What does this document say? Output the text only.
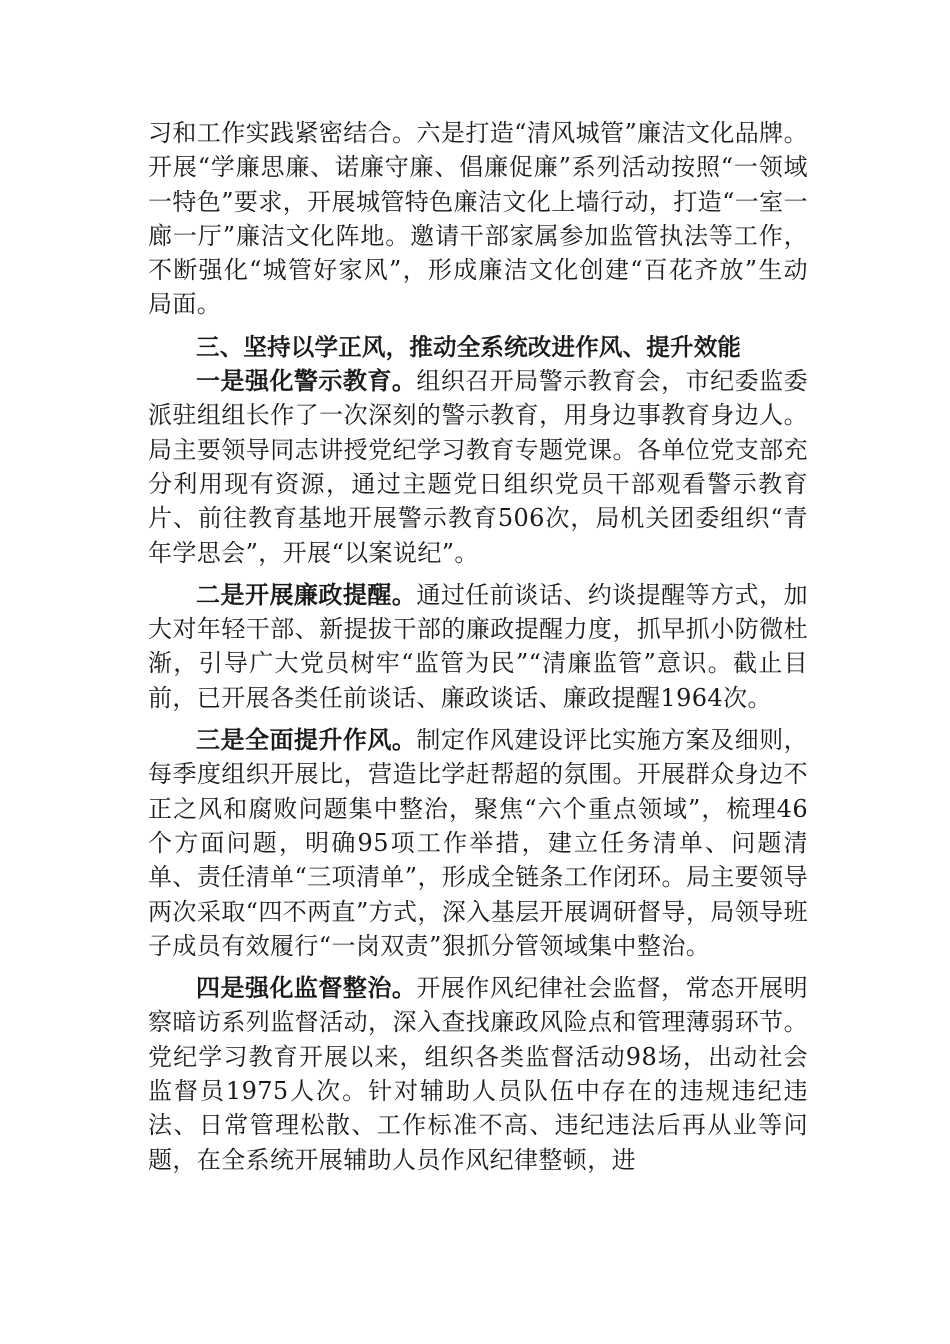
习和工作实践紧密结合。六是打造“清风城管”廉洁文化品牌。开展“学廉思廉、诺廉守廉、倡廉促廉”系列活动按照“一领域一特色”要求，开展城管特色廉洁文化上墙行动，打造“一室一廊一厅”廉洁文化阵地。邀请干部家属参加监管执法等工作，不断强化“城管好家风”，形成廉洁文化创建“百花齐放”生动局面。

三、坚持以学正风，推动全系统改进作风、提升效能

一是强化警示教育。组织召开局警示教育会，市纪委监委派驻组组长作了一次深刻的警示教育，用身边事教育身边人。局主要领导同志讲授党纪学习教育专题党课。各单位党支部充分利用现有资源，通过主题党日组织党员干部观看警示教育片、前往教育基地开展警示教育506次，局机关团委组织“青年学思会”，开展“以案说纪”。

二是开展廉政提醒。通过任前谈话、约谈提醒等方式，加大对年轻干部、新提拔干部的廉政提醒力度，抓早抓小防微杜渐，引导广大党员树牢“监管为民”“清廉监管”意识。截止目前，已开展各类任前谈话、廉政谈话、廉政提醒1964次。

三是全面提升作风。制定作风建设评比实施方案及细则，每季度组织开展比，营造比学赶帮超的氛围。开展群众身边不正之风和腐败问题集中整治，聚焦“六个重点领域”，梳理46个方面问题，明确95项工作举措，建立任务清单、问题清单、责任清单“三项清单”，形成全链条工作闭环。局主要领导两次采取“四不两直”方式，深入基层开展调研督导，局领导班子成员有效履行“一岗双责”狠抓分管领域集中整治。

四是强化监督整治。开展作风纪律社会监督，常态开展明察暗访系列监督活动，深入查找廉政风险点和管理薄弱环节。党纪学习教育开展以来，组织各类监督活动98场，出动社会监督员1975人次。针对辅助人员队伍中存在的违规违纪违法、日常管理松散、工作标准不高、违纪违法后再从业等问题，在全系统开展辅助人员作风纪律整顿，进
